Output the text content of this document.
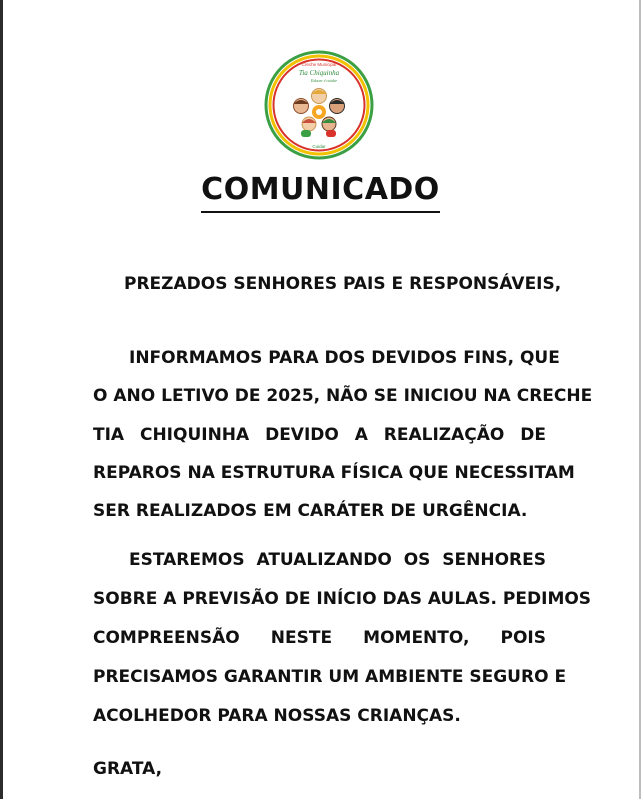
Creche Municipal
Tia Chiquinha
Educar é cuidar
Cuidar
COMUNICADO
PREZADOS SENHORES PAIS E RESPONSÁVEIS,
INFORMAMOS PARA DOS DEVIDOS FINS, QUE
O ANO LETIVO DE 2025, NÃO SE INICIOU NA CRECHE
TIA CHIQUINHA DEVIDO A REALIZAÇÃO DE
REPAROS NA ESTRUTURA FÍSICA QUE NECESSITAM
SER REALIZADOS EM CARÁTER DE URGÊNCIA.
ESTAREMOS ATUALIZANDO OS SENHORES
SOBRE A PREVISÃO DE INÍCIO DAS AULAS. PEDIMOS
COMPREENSÃO NESTE MOMENTO, POIS
PRECISAMOS GARANTIR UM AMBIENTE SEGURO E
ACOLHEDOR PARA NOSSAS CRIANÇAS.
GRATA,
